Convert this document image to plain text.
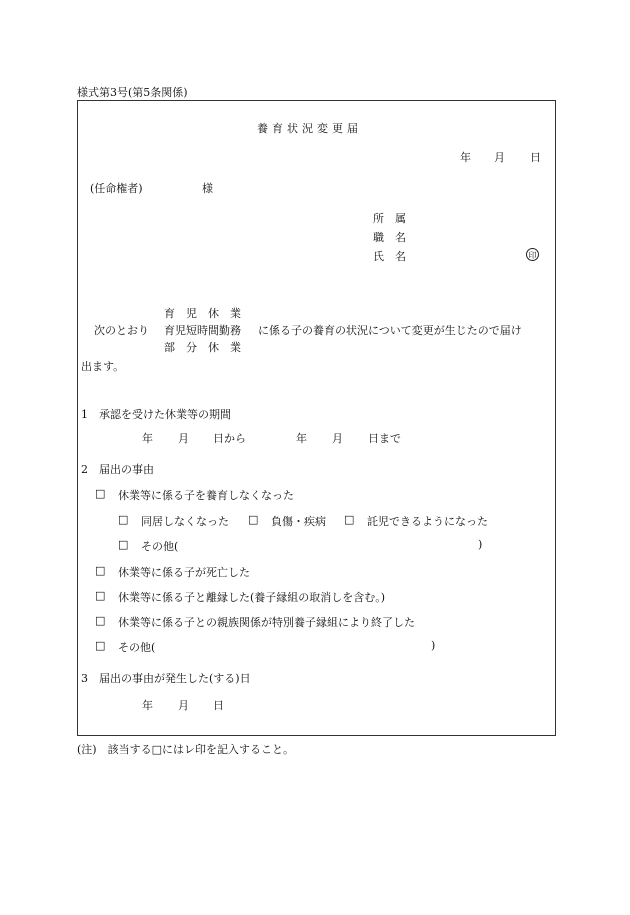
様式第3号(第5条関係)
養育状況変更届
年 月 日
(任命権者)	様
所　属
職　名
氏　名	印
次のとおり
育　児　休　業
育児短時間勤務
部　分　休　業
に係る子の養育の状況について変更が生じたので届け
出ます。
1　承認を受けた休業等の期間
年 月 日から	年 月 日まで
2　届出の事由
□ 休業等に係る子を養育しなくなった
□ 同居しなくなった □ 負傷・疾病 □ 託児できるようになった
□ その他(	)
□ 休業等に係る子が死亡した
□ 休業等に係る子と離縁した(養子縁組の取消しを含む。)
□ 休業等に係る子との親族関係が特別養子縁組により終了した
□ その他(	)
3　届出の事由が発生した(する)日
年 月 日
(注)　該当する□にはレ印を記入すること。
